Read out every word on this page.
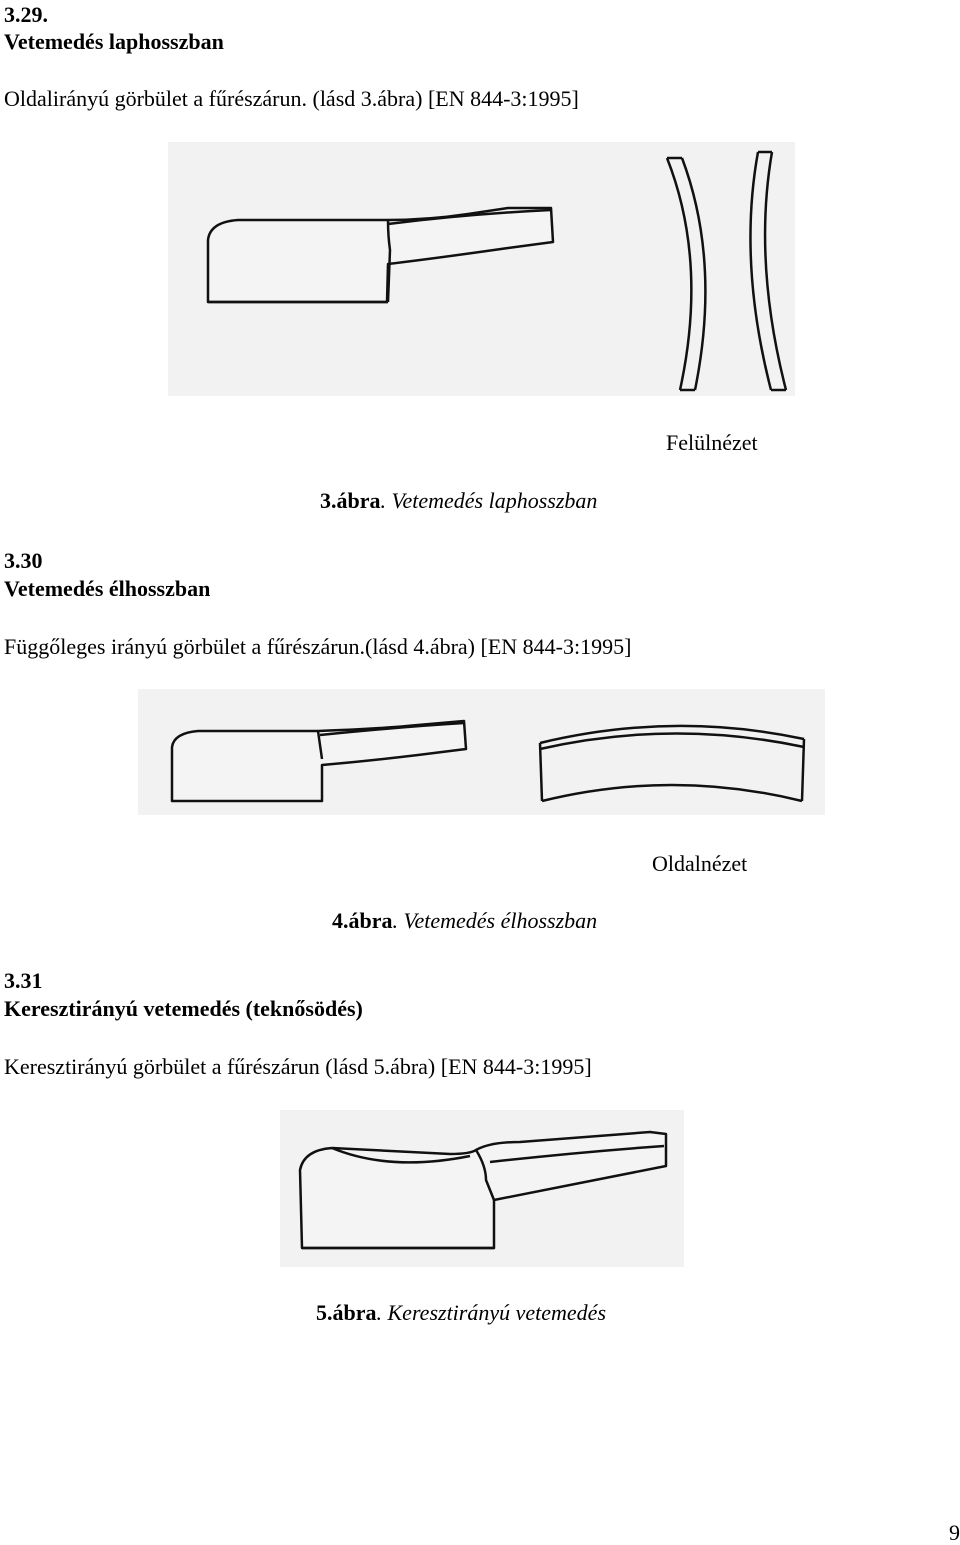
3.29.
Vetemedés laphosszban
Oldalirányú görbület a fűrészárun. (lásd 3.ábra) [EN 844-3:1995]
Felülnézet
3.ábra. Vetemedés laphosszban
3.30
Vetemedés élhosszban
Függőleges irányú görbület a fűrészárun.(lásd 4.ábra) [EN 844-3:1995]
Oldalnézet
4.ábra. Vetemedés élhosszban
3.31
Keresztirányú vetemedés (teknősödés)
Keresztirányú görbület a fűrészárun (lásd 5.ábra) [EN 844-3:1995]
5.ábra. Keresztirányú vetemedés
9
